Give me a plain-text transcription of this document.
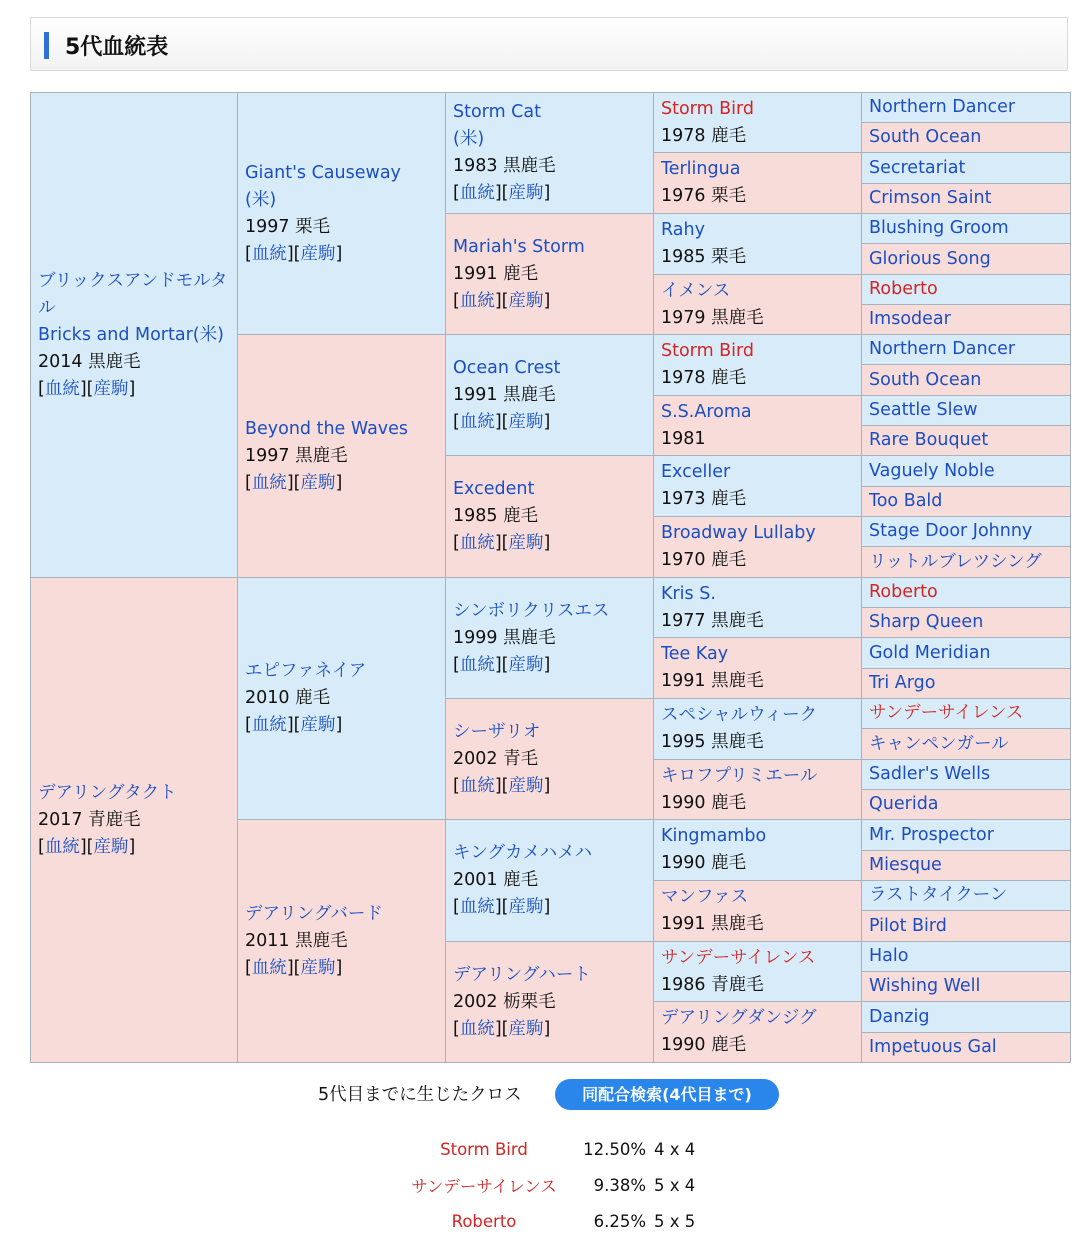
5代血統表
ブリックスアンドモルタル
Bricks and Mortar(米)
2014 黒鹿毛
[血統][産駒]	Giant's Causeway
(米)
1997 栗毛
[血統][産駒]	Storm Cat
(米)
1983 黒鹿毛
[血統][産駒]	Storm Bird
1978 鹿毛	Northern Dancer
				South Ocean
			Terlingua
1976 栗毛	Secretariat
				Crimson Saint
		Mariah's Storm
1991 鹿毛
[血統][産駒]	Rahy
1985 栗毛	Blushing Groom
				Glorious Song
			イメンス
1979 黒鹿毛	Roberto
				Imsodear
	Beyond the Waves
1997 黒鹿毛
[血統][産駒]	Ocean Crest
1991 黒鹿毛
[血統][産駒]	Storm Bird
1978 鹿毛	Northern Dancer
				South Ocean
			S.S.Aroma
1981	Seattle Slew
				Rare Bouquet
		Excedent
1985 鹿毛
[血統][産駒]	Exceller
1973 鹿毛	Vaguely Noble
				Too Bald
			Broadway Lullaby
1970 鹿毛	Stage Door Johnny
				リットルブレツシング
デアリングタクト
2017 青鹿毛
[血統][産駒]	エピファネイア
2010 鹿毛
[血統][産駒]	シンボリクリスエス
1999 黒鹿毛
[血統][産駒]	Kris S.
1977 黒鹿毛	Roberto
				Sharp Queen
			Tee Kay
1991 黒鹿毛	Gold Meridian
				Tri Argo
		シーザリオ
2002 青毛
[血統][産駒]	スペシャルウィーク
1995 黒鹿毛	サンデーサイレンス
				キャンペンガール
			キロフプリミエール
1990 鹿毛	Sadler's Wells
				Querida
	デアリングバード
2011 黒鹿毛
[血統][産駒]	キングカメハメハ
2001 鹿毛
[血統][産駒]	Kingmambo
1990 鹿毛	Mr. Prospector
				Miesque
			マンファス
1991 黒鹿毛	ラストタイクーン
				Pilot Bird
		デアリングハート
2002 栃栗毛
[血統][産駒]	サンデーサイレンス
1986 青鹿毛	Halo
				Wishing Well
			デアリングダンジグ
1990 鹿毛	Danzig
				Impetuous Gal
5代目までに生じたクロス	同配合検索(4代目まで)
Storm Bird	12.50%	4 x 4
サンデーサイレンス	9.38%	5 x 4
Roberto	6.25%	5 x 5
